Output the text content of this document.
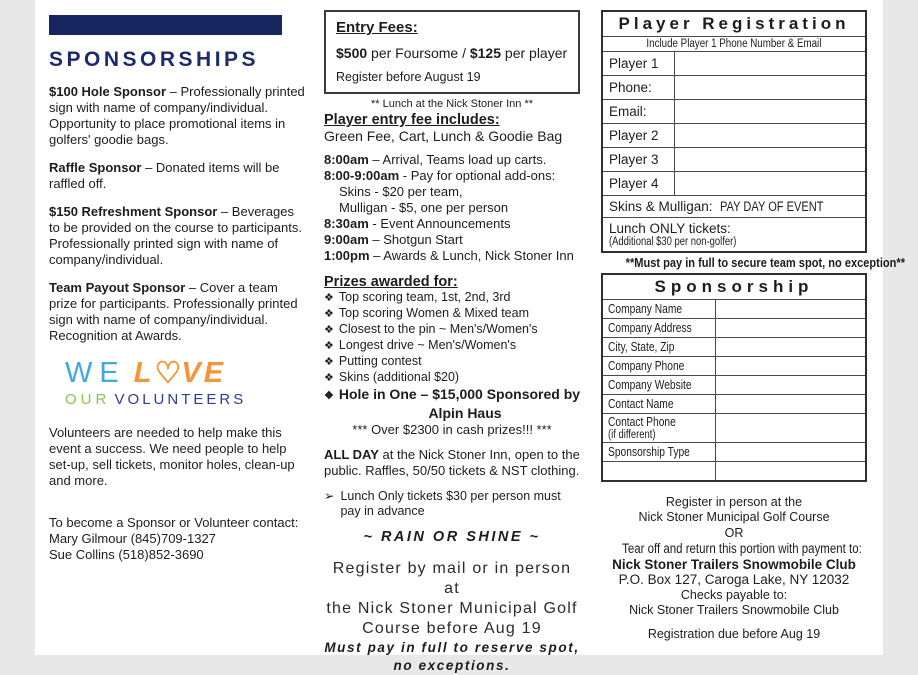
SPONSORSHIPS

$100 Hole Sponsor – Professionally printed sign with name of company/individual. Opportunity to place promotional items in golfers' goodie bags.

Raffle Sponsor – Donated items will be raffled off.

$150 Refreshment Sponsor – Beverages to be provided on the course to participants. Professionally printed sign with name of company/individual.

Team Payout Sponsor – Cover a team prize for participants. Professionally printed sign with name of company/individual. Recognition at Awards.

WE L♡VE
OUR VOLUNTEERS

Volunteers are needed to help make this event a success. We need people to help set-up, sell tickets, monitor holes, clean-up and more.

To become a Sponsor or Volunteer contact:
Mary Gilmour (845)709-1327
Sue Collins (518)852-3690
Entry Fees:
$500 per Foursome / $125 per player
Register before August 19
** Lunch at the Nick Stoner Inn **
Player entry fee includes:
Green Fee, Cart, Lunch & Goodie Bag
8:00am – Arrival, Teams load up carts.
8:00-9:00am - Pay for optional add-ons:
Skins - $20 per team,
Mulligan - $5, one per person
8:30am - Event Announcements
9:00am – Shotgun Start
1:00pm – Awards & Lunch, Nick Stoner Inn
Prizes awarded for:
❖ Top scoring team, 1st, 2nd, 3rd
❖ Top scoring Women & Mixed team
❖ Closest to the pin ~ Men's/Women's
❖ Longest drive ~ Men's/Women's
❖ Putting contest
❖ Skins (additional $20)
❖ Hole in One – $15,000 Sponsored by
Alpin Haus
*** Over $2300 in cash prizes!!! ***

ALL DAY at the Nick Stoner Inn, open to the public. Raffles, 50/50 tickets & NST clothing.

➢ Lunch Only tickets $30 per person must pay in advance
~ RAIN OR SHINE ~
Register by mail or in person at
the Nick Stoner Municipal Golf
Course before Aug 19
Must pay in full to reserve spot,
no exceptions.
Player Registration	
Include Player 1 Phone Number & Email	
Player 1	
Phone:	
Email:	
Player 2	
Player 3	
Player 4	
Skins & Mulligan: PAY DAY OF EVENT	

Lunch ONLY tickets:
(Additional $30 per non-golfer)	
**Must pay in full to secure team spot, no exception**
Sponsorship	
Company Name	
Company Address	
City, State, Zip	
Company Phone	
Company Website	
Contact Name	

Contact Phone
(if different)	

Sponsorship Type	

Register in person at the
Nick Stoner Municipal Golf Course
OR
Tear off and return this portion with payment to:
Nick Stoner Trailers Snowmobile Club
P.O. Box 127, Caroga Lake, NY 12032
Checks payable to:
Nick Stoner Trailers Snowmobile Club
Registration due before Aug 19
